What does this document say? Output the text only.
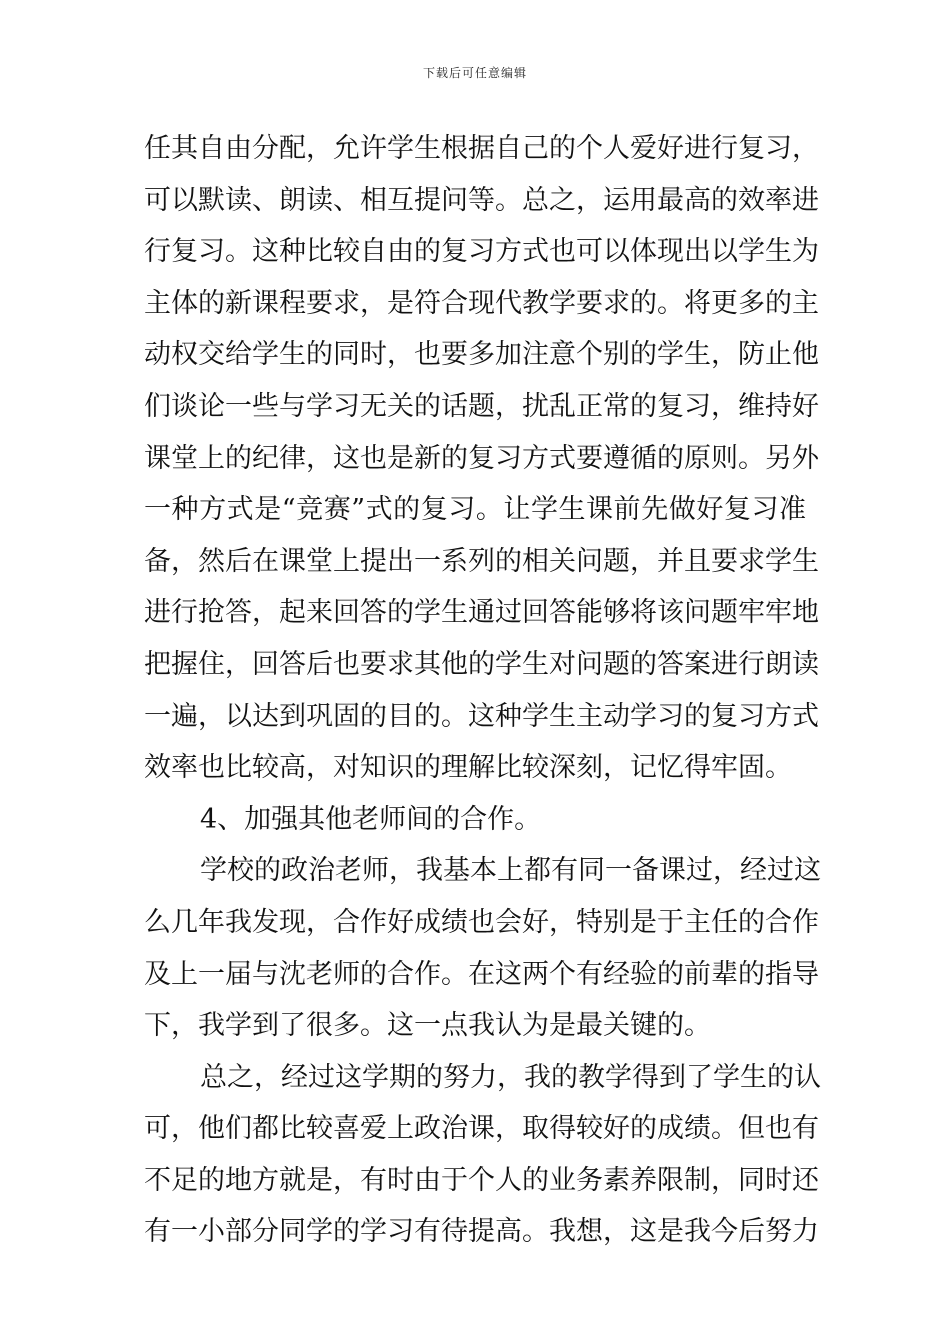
下载后可任意编辑
任其自由分配，允许学生根据自己的个人爱好进行复习，
可以默读、朗读、相互提问等。总之，运用最高的效率进
行复习。这种比较自由的复习方式也可以体现出以学生为
主体的新课程要求，是符合现代教学要求的。将更多的主
动权交给学生的同时，也要多加注意个别的学生，防止他
们谈论一些与学习无关的话题，扰乱正常的复习，维持好
课堂上的纪律，这也是新的复习方式要遵循的原则。另外
一种方式是“竞赛”式的复习。让学生课前先做好复习准
备，然后在课堂上提出一系列的相关问题，并且要求学生
进行抢答，起来回答的学生通过回答能够将该问题牢牢地
把握住，回答后也要求其他的学生对问题的答案进行朗读
一遍，以达到巩固的目的。这种学生主动学习的复习方式
效率也比较高，对知识的理解比较深刻，记忆得牢固。
4、加强其他老师间的合作。
学校的政治老师，我基本上都有同一备课过，经过这
么几年我发现，合作好成绩也会好，特别是于主任的合作
及上一届与沈老师的合作。在这两个有经验的前辈的指导
下，我学到了很多。这一点我认为是最关键的。
总之，经过这学期的努力，我的教学得到了学生的认
可，他们都比较喜爱上政治课，取得较好的成绩。但也有
不足的地方就是，有时由于个人的业务素养限制，同时还
有一小部分同学的学习有待提高。我想，这是我今后努力
